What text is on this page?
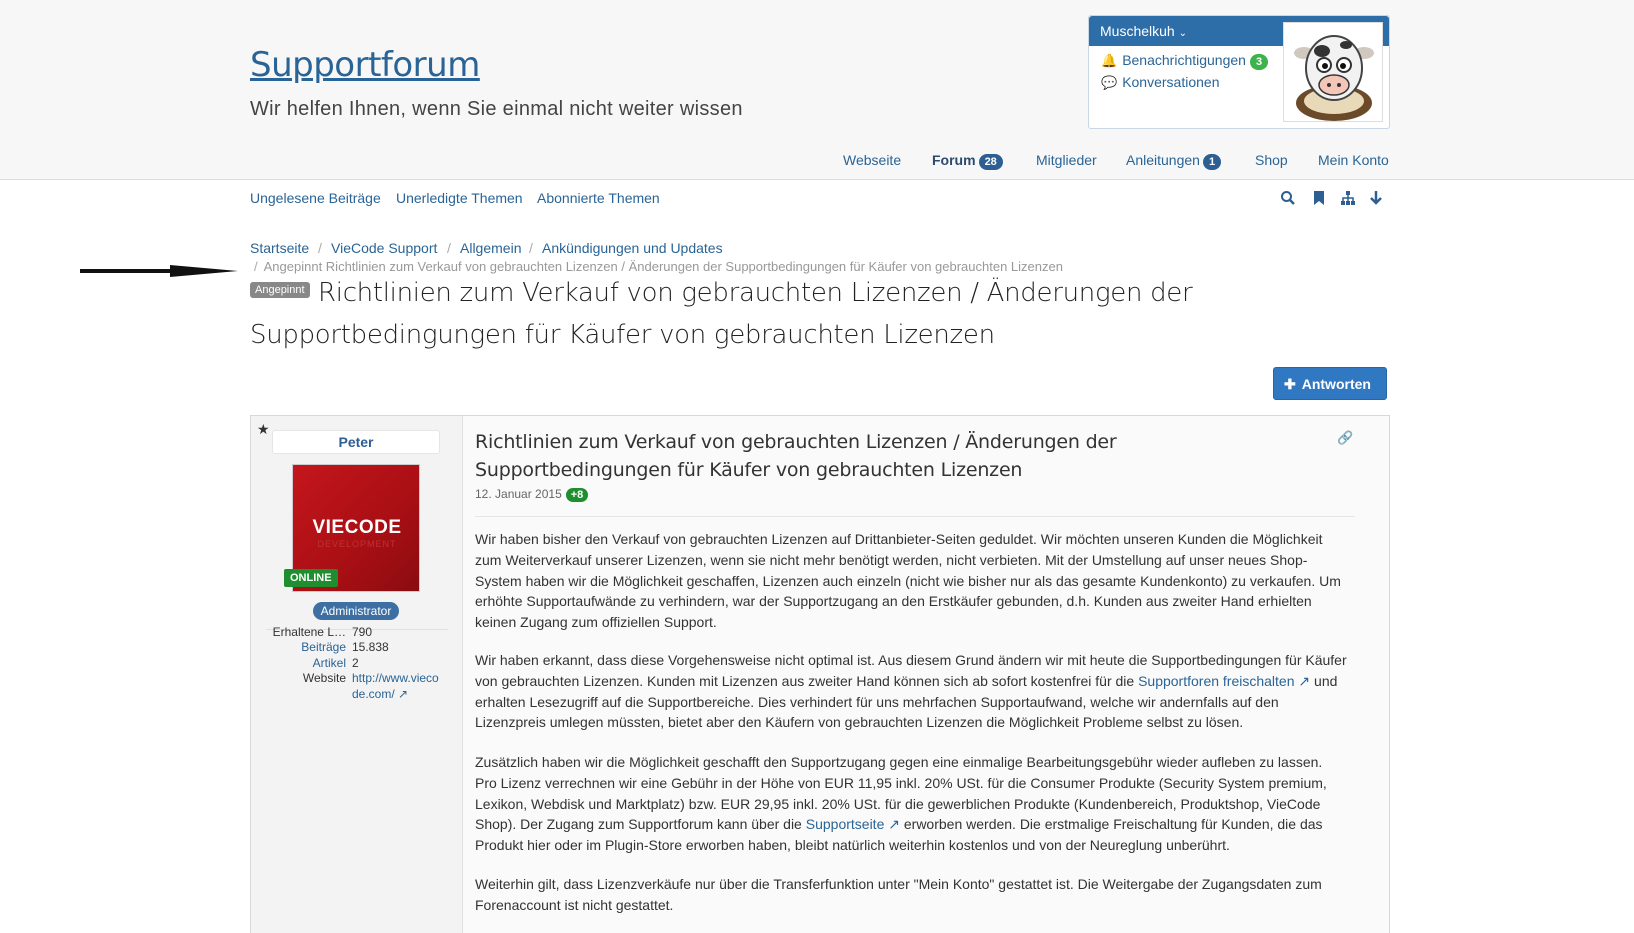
Supportforum
Wir helfen Ihnen, wenn Sie einmal nicht weiter wissen
Muschelkuh ⌄
🔔 Benachrichtigungen 3
💬 Konversationen
Webseite Forum 28	Mitglieder Anleitungen 1	Shop Mein Konto
Ungelesene Beiträge Unerledigte Themen Abonnierte Themen
Startseite / VieCode Support / Allgemein / Ankündigungen und Updates
/ Angepinnt Richtlinien zum Verkauf von gebrauchten Lizenzen / Änderungen der Supportbedingungen für Käufer von gebrauchten Lizenzen
Richtlinien zum Verkauf von gebrauchten Lizenzen / Änderungen der Supportbedingungen für Käufer von gebrauchten Lizenzen
Angepinnt
✚ Antworten
★
Peter
VIECODE
DEVELOPMENT
ONLINE
Administrator
Erhaltene L… 790
Beiträge 15.838
Artikel 2
Website http://www.vieco
de.com/ ↗
Richtlinien zum Verkauf von gebrauchten Lizenzen / Änderungen der Supportbedingungen für Käufer von gebrauchten Lizenzen
12. Januar 2015 +8
🔗
Wir haben bisher den Verkauf von gebrauchten Lizenzen auf Drittanbieter-Seiten geduldet. Wir möchten unseren Kunden die Möglichkeit zum Weiterverkauf unserer Lizenzen, wenn sie nicht mehr benötigt werden, nicht verbieten. Mit der Umstellung auf unser neues Shop-System haben wir die Möglichkeit geschaffen, Lizenzen auch einzeln (nicht wie bisher nur als das gesamte Kundenkonto) zu verkaufen. Um erhöhte Supportaufwände zu verhindern, war der Supportzugang an den Erstkäufer gebunden, d.h. Kunden aus zweiter Hand erhielten keinen Zugang zum offiziellen Support.
Wir haben erkannt, dass diese Vorgehensweise nicht optimal ist. Aus diesem Grund ändern wir mit heute die Supportbedingungen für Käufer von gebrauchten Lizenzen. Kunden mit Lizenzen aus zweiter Hand können sich ab sofort kostenfrei für die Supportforen freischalten ↗ und erhalten Lesezugriff auf die Supportbereiche. Dies verhindert für uns mehrfachen Supportaufwand, welche wir andernfalls auf den Lizenzpreis umlegen müssten, bietet aber den Käufern von gebrauchten Lizenzen die Möglichkeit Probleme selbst zu lösen.
Zusätzlich haben wir die Möglichkeit geschafft den Supportzugang gegen eine einmalige Bearbeitungsgebühr wieder aufleben zu lassen. Pro Lizenz verrechnen wir eine Gebühr in der Höhe von EUR 11,95 inkl. 20% USt. für die Consumer Produkte (Security System premium, Lexikon, Webdisk und Marktplatz) bzw. EUR 29,95 inkl. 20% USt. für die gewerblichen Produkte (Kundenbereich, Produktshop, VieCode Shop). Der Zugang zum Supportforum kann über die Supportseite ↗ erworben werden. Die erstmalige Freischaltung für Kunden, die das Produkt hier oder im Plugin-Store erworben haben, bleibt natürlich weiterhin kostenlos und von der Neureglung unberührt.
Weiterhin gilt, dass Lizenzverkäufe nur über die Transferfunktion unter "Mein Konto" gestattet ist. Die Weitergabe der Zugangsdaten zum Forenaccount ist nicht gestattet.
